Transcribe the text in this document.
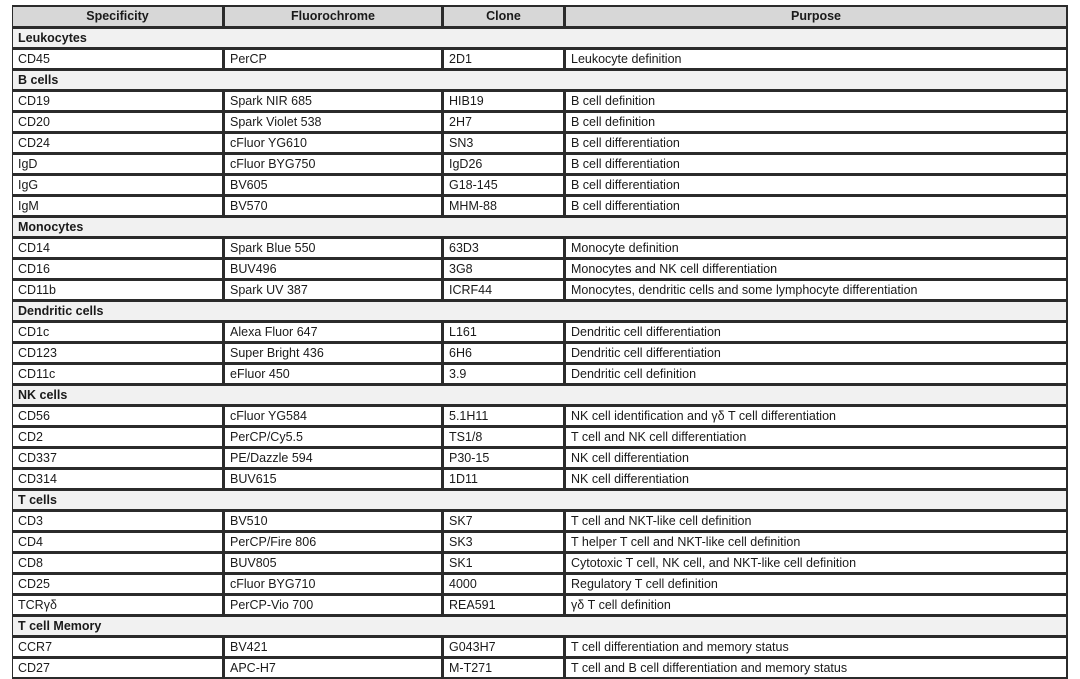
Specificity	Fluorochrome	Clone	Purpose
Leukocytes			
CD45	PerCP	2D1	Leukocyte definition
B cells			
CD19	Spark NIR 685	HIB19	B cell definition
CD20	Spark Violet 538	2H7	B cell definition
CD24	cFluor YG610	SN3	B cell differentiation
IgD	cFluor BYG750	IgD26	B cell differentiation
IgG	BV605	G18-145	B cell differentiation
IgM	BV570	MHM-88	B cell differentiation
Monocytes			
CD14	Spark Blue 550	63D3	Monocyte definition
CD16	BUV496	3G8	Monocytes and NK cell differentiation
CD11b	Spark UV 387	ICRF44	Monocytes, dendritic cells and some lymphocyte differentiation
Dendritic cells			
CD1c	Alexa Fluor 647	L161	Dendritic cell differentiation
CD123	Super Bright 436	6H6	Dendritic cell differentiation
CD11c	eFluor 450	3.9	Dendritic cell definition
NK cells			
CD56	cFluor YG584	5.1H11	NK cell identification and γδ T cell differentiation
CD2	PerCP/Cy5.5	TS1/8	T cell and NK cell differentiation
CD337	PE/Dazzle 594	P30-15	NK cell differentiation
CD314	BUV615	1D11	NK cell differentiation
T cells			
CD3	BV510	SK7	T cell and NKT-like cell definition
CD4	PerCP/Fire 806	SK3	T helper T cell and NKT-like cell definition
CD8	BUV805	SK1	Cytotoxic T cell, NK cell, and NKT-like cell definition
CD25	cFluor BYG710	4000	Regulatory T cell definition
TCRγδ	PerCP-Vio 700	REA591	γδ T cell definition
T cell Memory			
CCR7	BV421	G043H7	T cell differentiation and memory status
CD27	APC-H7	M-T271	T cell and B cell differentiation and memory status
